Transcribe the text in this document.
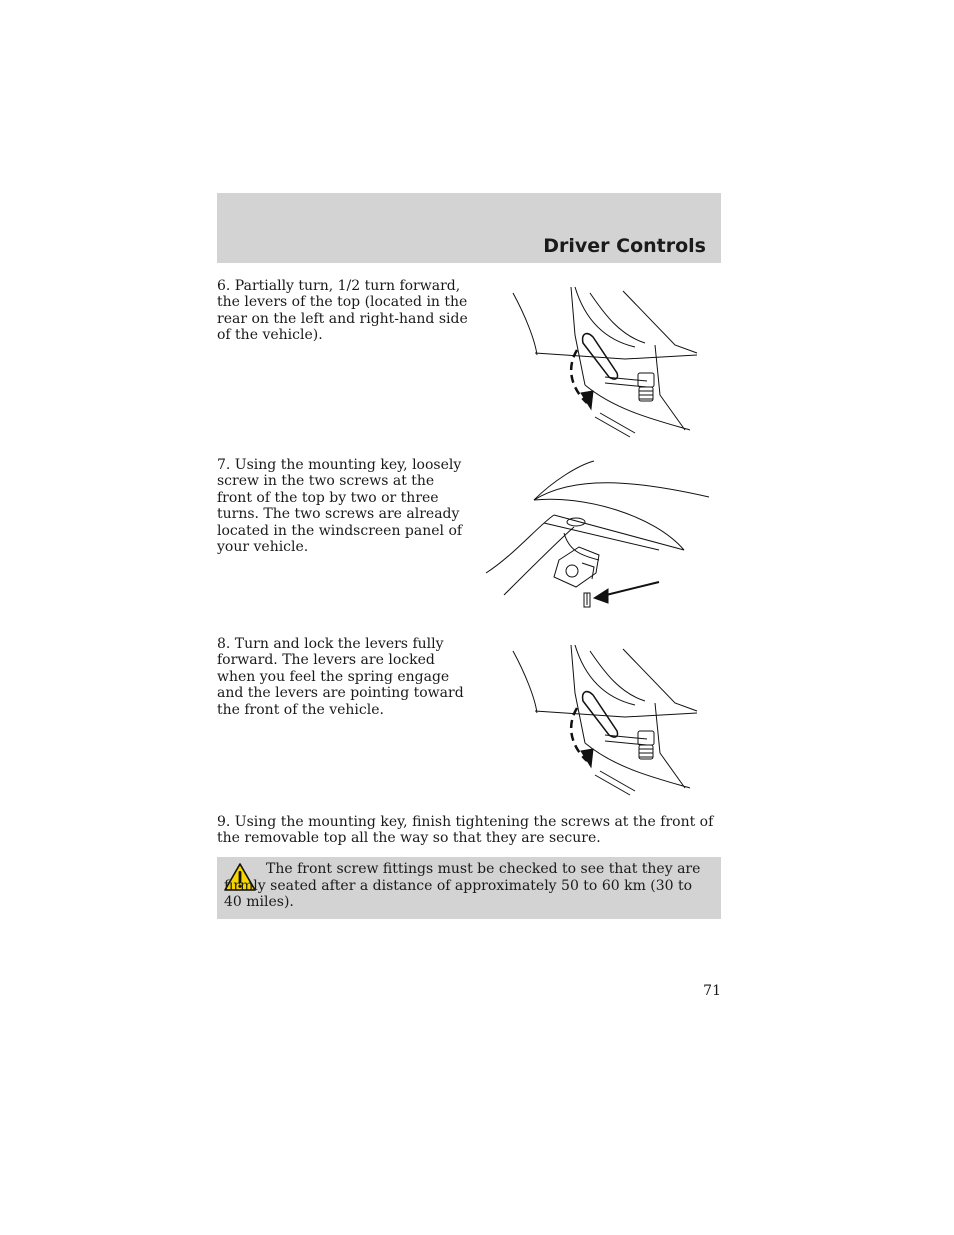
Driver Controls

6. Partially turn, 1/2 turn forward, the levers of the top (located in the rear on the left and right-hand side of the vehicle).

7. Using the mounting key, loosely screw in the two screws at the front of the top by two or three turns. The two screws are already located in the windscreen panel of your vehicle.

8. Turn and lock the levers fully forward. The levers are locked when you feel the spring engage and the levers are pointing toward the front of the vehicle.

9. Using the mounting key, finish tightening the screws at the front of the removable top all the way so that they are secure.

The front screw fittings must be checked to see that they are firmly seated after a distance of approximately 50 to 60 km (30 to 40 miles).

71
